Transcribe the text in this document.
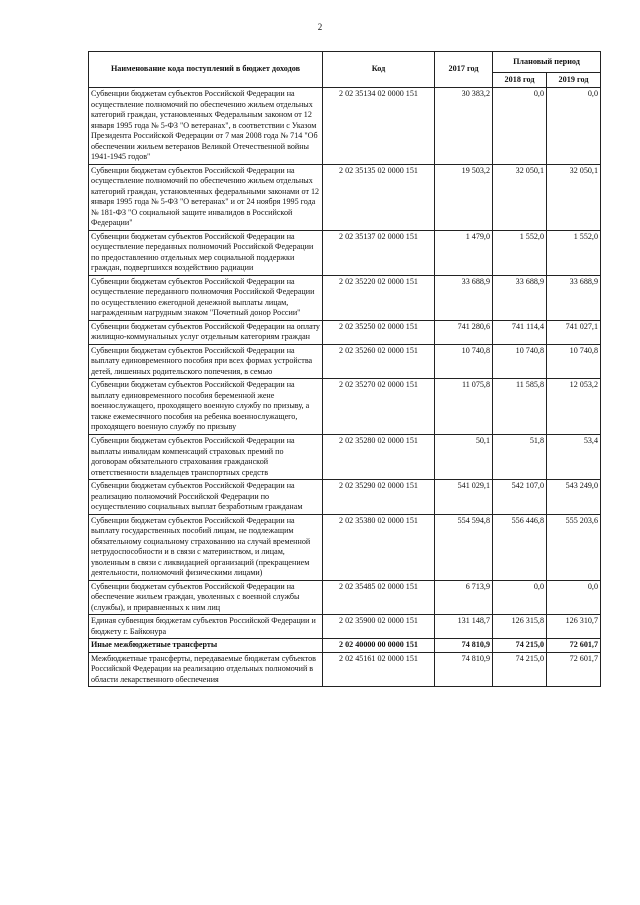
2
Наименование кода поступлений в бюджет доходов	Код	2017 год	Плановый период	
			2018 год	2019 год
Субвенции бюджетам субъектов Российской Федерации на осуществление полномочий по обеспечению жильем отдельных категорий граждан, установленных Федеральным законом от 12 января 1995 года № 5-ФЗ "О ветеранах", в соответствии с Указом Президента Российской Федерации от 7 мая 2008 года № 714 "Об обеспечении жильем ветеранов Великой Отечественной войны 1941-1945 годов"	2 02 35134 02 0000 151	30 383,2	0,0	0,0
Субвенции бюджетам субъектов Российской Федерации на осуществление полномочий по обеспечению жильем отдельных категорий граждан, установленных федеральными законами от 12 января 1995 года № 5-ФЗ "О ветеранах" и от 24 ноября 1995 года № 181-ФЗ "О социальной защите инвалидов в Российской Федерации"	2 02 35135 02 0000 151	19 503,2	32 050,1	32 050,1
Субвенции бюджетам субъектов Российской Федерации на осуществление переданных полномочий Российской Федерации по предоставлению отдельных мер социальной поддержки граждан, подвергшихся воздействию радиации	2 02 35137 02 0000 151	1 479,0	1 552,0	1 552,0
Субвенции бюджетам субъектов Российской Федерации на осуществление переданного полномочия Российской Федерации по осуществлению ежегодной денежной выплаты лицам, награжденным нагрудным знаком "Почетный донор России"	2 02 35220 02 0000 151	33 688,9	33 688,9	33 688,9
Субвенции бюджетам субъектов Российской Федерации на оплату жилищно-коммунальных услуг отдельным категориям граждан	2 02 35250 02 0000 151	741 280,6	741 114,4	741 027,1
Субвенции бюджетам субъектов Российской Федерации на выплату единовременного пособия при всех формах устройства детей, лишенных родительского попечения, в семью	2 02 35260 02 0000 151	10 740,8	10 740,8	10 740,8
Субвенции бюджетам субъектов Российской Федерации на выплату единовременного пособия беременной жене военнослужащего, проходящего военную службу по призыву, а также ежемесячного пособия на ребенка военнослужащего, проходящего военную службу по призыву	2 02 35270 02 0000 151	11 075,8	11 585,8	12 053,2
Субвенции бюджетам субъектов Российской Федерации на выплаты инвалидам компенсаций страховых премий по договорам обязательного страхования гражданской ответственности владельцев транспортных средств	2 02 35280 02 0000 151	50,1	51,8	53,4
Субвенции бюджетам субъектов Российской Федерации на реализацию полномочий Российской Федерации по осуществлению социальных выплат безработным гражданам	2 02 35290 02 0000 151	541 029,1	542 107,0	543 249,0
Субвенции бюджетам субъектов Российской Федерации на выплату государственных пособий лицам, не подлежащим обязательному социальному страхованию на случай временной нетрудоспособности и в связи с материнством, и лицам, уволенным в связи с ликвидацией организаций (прекращением деятельности, полномочий физическими лицами)	2 02 35380 02 0000 151	554 594,8	556 446,8	555 203,6
Субвенции бюджетам субъектов Российской Федерации на обеспечение жильем граждан, уволенных с военной службы (службы), и приравненных к ним лиц	2 02 35485 02 0000 151	6 713,9	0,0	0,0
Единая субвенция бюджетам субъектов Российской Федерации и бюджету г. Байконура	2 02 35900 02 0000 151	131 148,7	126 315,8	126 310,7
Иные межбюджетные трансферты	2 02 40000 00 0000 151	74 810,9	74 215,0	72 601,7
Межбюджетные трансферты, передаваемые бюджетам субъектов Российской Федерации на реализацию отдельных полномочий в области лекарственного обеспечения	2 02 45161 02 0000 151	74 810,9	74 215,0	72 601,7
